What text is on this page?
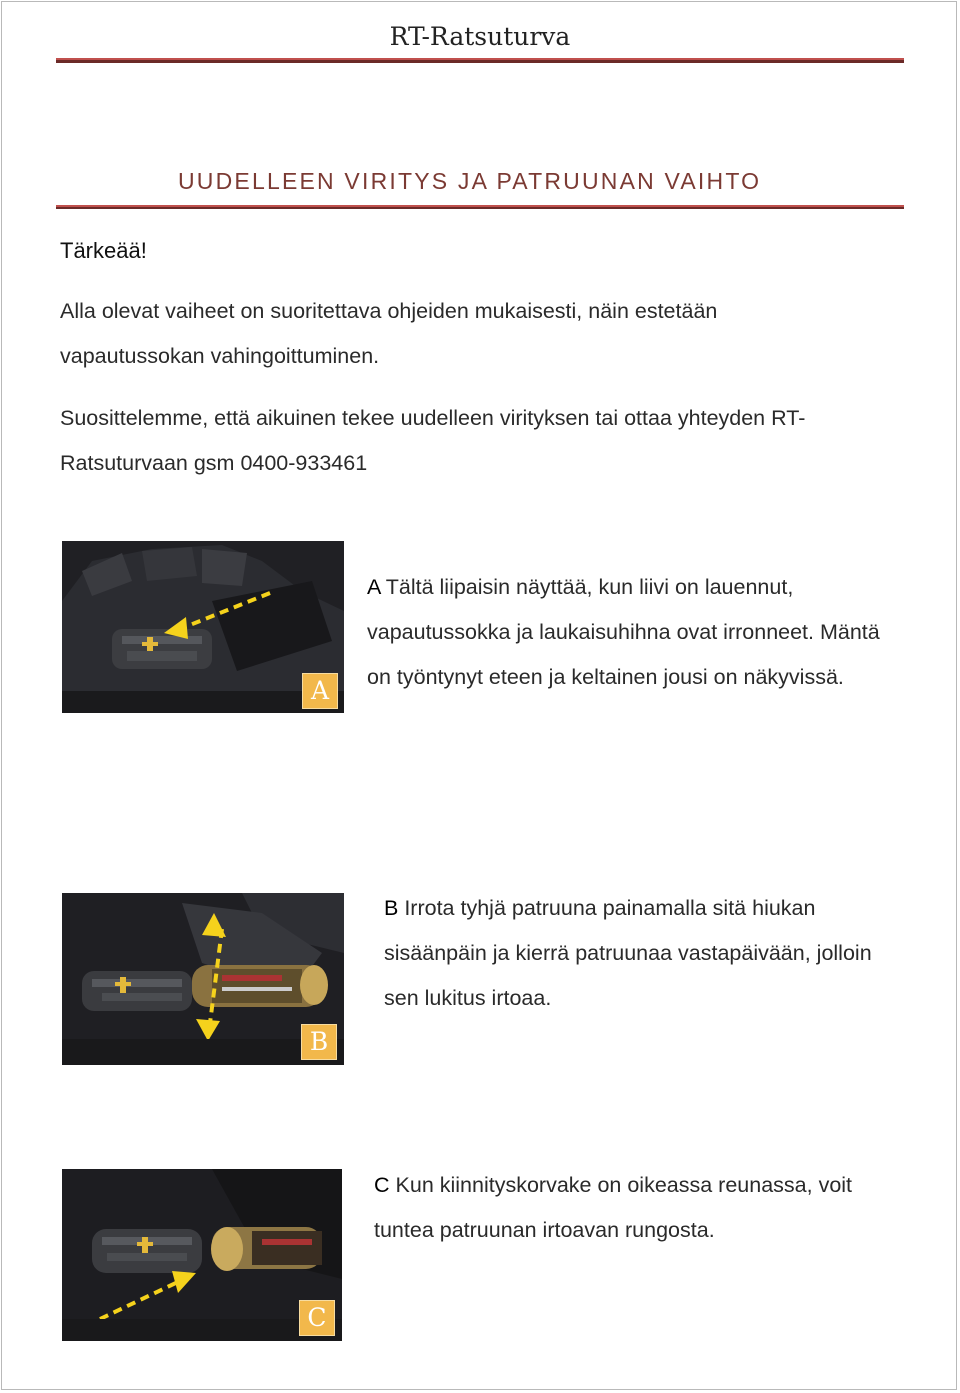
RT-Ratsuturva
UUDELLEEN VIRITYS JA PATRUUNAN VAIHTO
Tärkeää!
Alla olevat vaiheet on suoritettava ohjeiden mukaisesti, näin estetään vapautussokan vahingoittuminen.
Suosittelemme, että aikuinen tekee uudelleen virityksen tai ottaa yhteyden RT-Ratsuturvaan gsm 0400-933461
A
A Tältä liipaisin näyttää, kun liivi on lauennut, vapautussokka ja laukaisuhihna ovat irronneet. Mäntä on työntynyt eteen ja keltainen jousi on näkyvissä.
B
B Irrota tyhjä patruuna painamalla sitä hiukan sisäänpäin ja kierrä patruunaa vastapäivään, jolloin sen lukitus irtoaa.
C
C Kun kiinnityskorvake on oikeassa reunassa, voit tuntea patruunan irtoavan rungosta.
